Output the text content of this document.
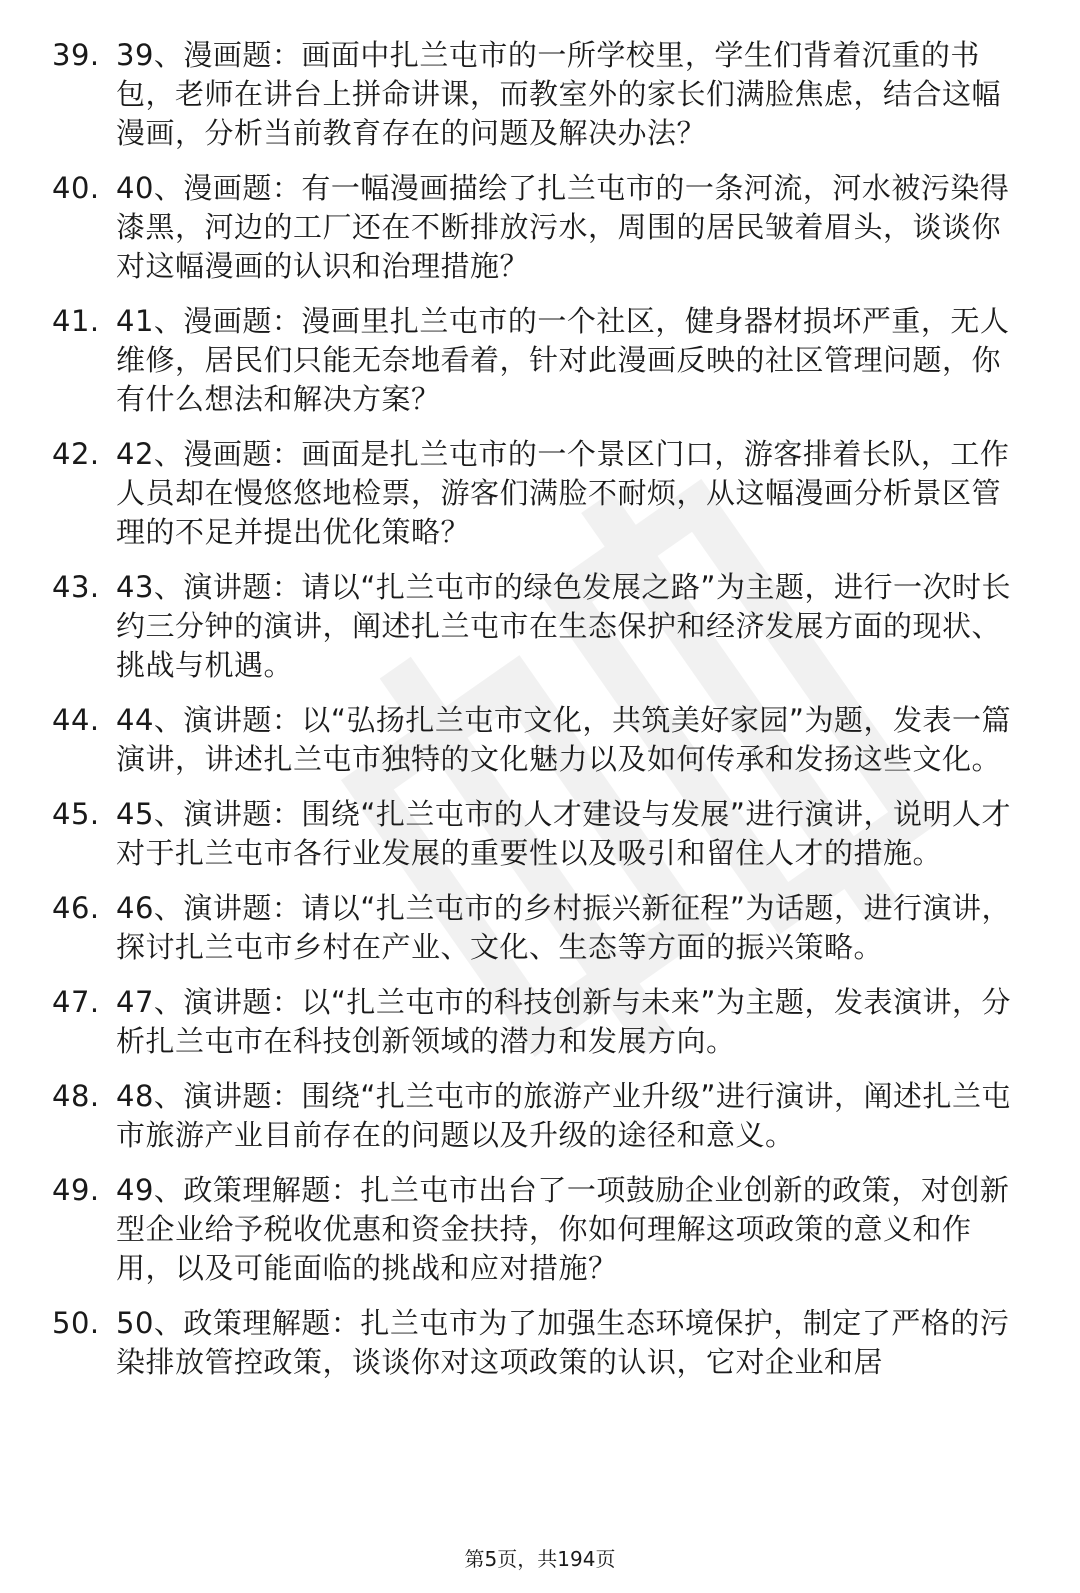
39. 39、漫画题：画面中扎兰屯市的一所学校里，学生们背着沉重的书包，老师在讲台上拼命讲课，而教室外的家长们满脸焦虑，结合这幅漫画，分析当前教育存在的问题及解决办法？
40. 40、漫画题：有一幅漫画描绘了扎兰屯市的一条河流，河水被污染得漆黑，河边的工厂还在不断排放污水，周围的居民皱着眉头，谈谈你对这幅漫画的认识和治理措施？
41. 41、漫画题：漫画里扎兰屯市的一个社区，健身器材损坏严重，无人维修，居民们只能无奈地看着，针对此漫画反映的社区管理问题，你有什么想法和解决方案？
42. 42、漫画题：画面是扎兰屯市的一个景区门口，游客排着长队，工作人员却在慢悠悠地检票，游客们满脸不耐烦，从这幅漫画分析景区管理的不足并提出优化策略？
43. 43、演讲题：请以“扎兰屯市的绿色发展之路”为主题，进行一次时长约三分钟的演讲，阐述扎兰屯市在生态保护和经济发展方面的现状、挑战与机遇。
44. 44、演讲题：以“弘扬扎兰屯市文化，共筑美好家园”为题，发表一篇演讲，讲述扎兰屯市独特的文化魅力以及如何传承和发扬这些文化。
45. 45、演讲题：围绕“扎兰屯市的人才建设与发展”进行演讲，说明人才对于扎兰屯市各行业发展的重要性以及吸引和留住人才的措施。
46. 46、演讲题：请以“扎兰屯市的乡村振兴新征程”为话题，进行演讲，探讨扎兰屯市乡村在产业、文化、生态等方面的振兴策略。
47. 47、演讲题：以“扎兰屯市的科技创新与未来”为主题，发表演讲，分析扎兰屯市在科技创新领域的潜力和发展方向。
48. 48、演讲题：围绕“扎兰屯市的旅游产业升级”进行演讲，阐述扎兰屯市旅游产业目前存在的问题以及升级的途径和意义。
49. 49、政策理解题：扎兰屯市出台了一项鼓励企业创新的政策，对创新型企业给予税收优惠和资金扶持，你如何理解这项政策的意义和作用，以及可能面临的挑战和应对措施？
50. 50、政策理解题：扎兰屯市为了加强生态环境保护，制定了严格的污染排放管控政策，谈谈你对这项政策的认识，它对企业和居
第5页，共194页
